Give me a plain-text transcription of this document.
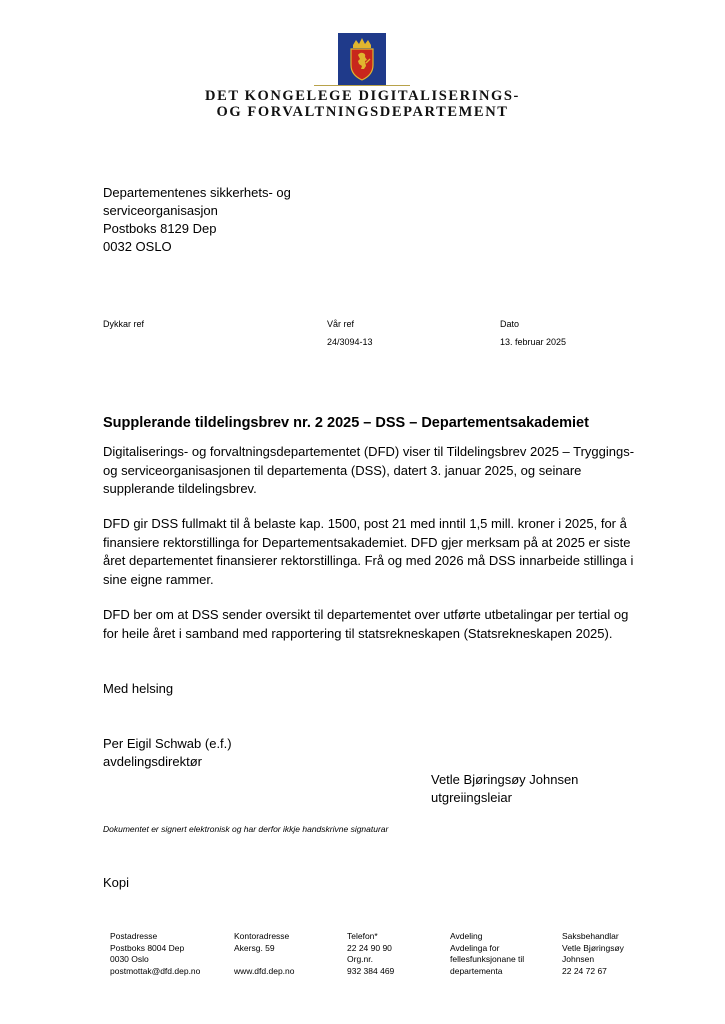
DET KONGELEGE DIGITALISERINGS-
OG FORVALTNINGSDEPARTEMENT
Departementenes sikkerhets- og
serviceorganisasjon
Postboks 8129 Dep
0032 OSLO
Dykkar ref	Vår ref
24/3094-13
Dato
13. februar 2025
Supplerande tildelingsbrev nr. 2 2025 – DSS – Departementsakademiet
Digitaliserings- og forvaltningsdepartementet (DFD) viser til Tildelingsbrev 2025 – Tryggings-
og serviceorganisasjonen til departementa (DSS), datert 3. januar 2025, og seinare
supplerande tildelingsbrev.
DFD gir DSS fullmakt til å belaste kap. 1500, post 21 med inntil 1,5 mill. kroner i 2025, for å
finansiere rektorstillinga for Departementsakademiet. DFD gjer merksam på at 2025 er siste
året departementet finansierer rektorstillinga. Frå og med 2026 må DSS innarbeide stillinga i
sine eigne rammer.
DFD ber om at DSS sender oversikt til departementet over utførte utbetalingar per tertial og
for heile året i samband med rapportering til statsrekneskapen (Statsrekneskapen 2025).
Med helsing
Per Eigil Schwab (e.f.)
avdelingsdirektør
Vetle Bjøringsøy Johnsen
utgreiingsleiar
Dokumentet er signert elektronisk og har derfor ikkje handskrivne signaturar
Kopi
Postadresse
Postboks 8004 Dep
0030 Oslo
postmottak@dfd.dep.no
Kontoradresse
Akersg. 59

www.dfd.dep.no
Telefon*
22 24 90 90
Org.nr.
932 384 469
Avdeling
Avdelinga for
fellesfunksjonane til
departementa
Saksbehandlar
Vetle Bjøringsøy
Johnsen
22 24 72 67
